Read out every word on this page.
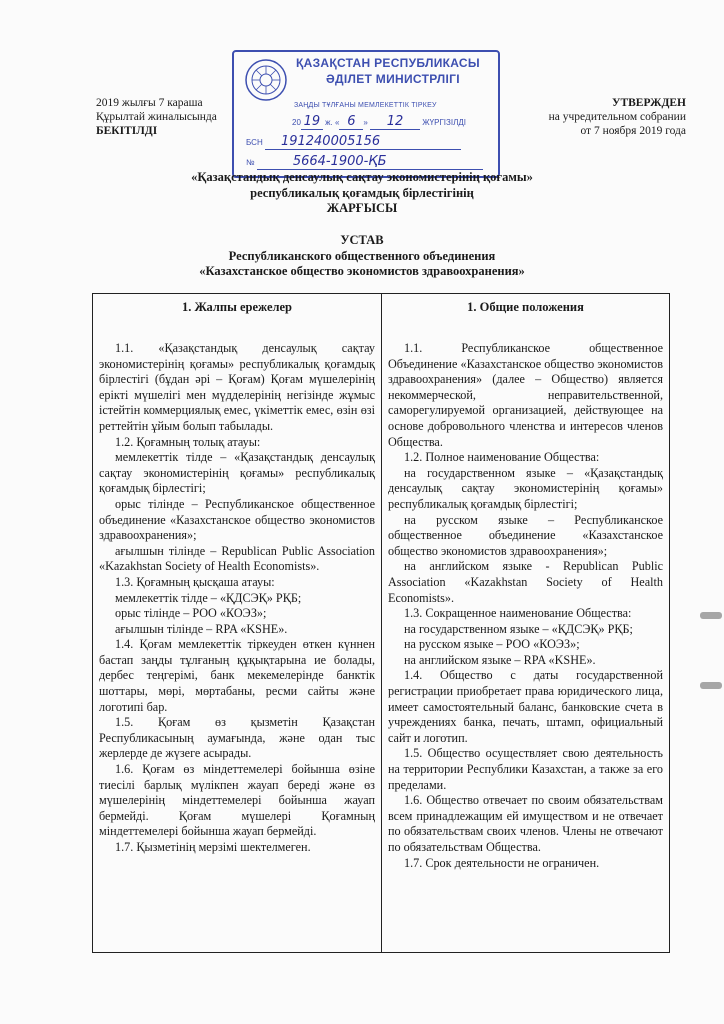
ҚАЗАҚСТАН РЕСПУБЛИКАСЫ
ӘДІЛЕТ МИНИСТРЛІГІ
ЗАҢДЫ ТҰЛҒАНЫ МЕМЛЕКЕТТІК ТІРКЕУ
20 19 ж. « 6 » 12 ЖҮРГІЗІЛДІ
БСН 191240005156
№	5664-1900-ҚБ
2019 жылғы 7 караша
Құрылтай жиналысында
БЕКІТІЛДІ
УТВЕРЖДЕН
на учредительном собрании
от 7 ноября 2019 года
«Қазақстандық денсаулық сақтау экономистерінің қоғамы»
республикалық қоғамдық бірлестігінің
ЖАРҒЫСЫ
УСТАВ
Республиканского общественного объединения
«Казахстанское общество экономистов здравоохранения»
1. Жалпы ережелер

1.1. «Қазақстандық денсаулық сақтау экономистерінің қоғамы» республикалық қоғамдық бірлестігі (бұдан әрі – Қоғам) Қоғам мүшелерінің ерікті мүшелігі мен мүдделерінің негізінде жұмыс істейтін коммерциялық емес, үкіметтік емес, өзін өзі реттейтін ұйым болып табылады.

1.2. Қоғамның толық атауы:

мемлекеттік тілде – «Қазақстандық денсаулық сақтау экономистерінің қоғамы» республикалық қоғамдық бірлестігі;

орыс тілінде – Республиканское общественное объединение «Казахстанское общество экономистов здравоохранения»;

ағылшын тілінде – Republican Public Association «Kazakhstan Society of Health Economists».

1.3. Қоғамның қысқаша атауы:

мемлекеттік тілде – «ҚДСЭҚ» РҚБ;

орыс тілінде – РОО «КОЭЗ»;

ағылшын тілінде – RPA «KSHE».

1.4. Қоғам мемлекеттік тіркеуден өткен күннен бастап заңды тұлғаның құқықтарына ие болады, дербес теңгерімі, банк мекемелерінде банктік шоттары, мөрі, мөртабаны, ресми сайты және логотипі бар.

1.5. Қоғам өз қызметін Қазақстан Республикасының аумағында, және одан тыс жерлерде де жүзеге асырады.

1.6. Қоғам өз міндеттемелері бойынша өзіне тиесілі барлық мүлікпен жауап береді және өз мүшелерінің міндеттемелері бойынша жауап бермейді. Қоғам мүшелері Қоғамның міндеттемелері бойынша жауап бермейді.

1.7. Қызметінің мерзімі шектелмеген.

1. Общие положения

1.1. Республиканское общественное Объединение «Казахстанское общество экономистов здравоохранения» (далее – Общество) является некоммерческой, неправительственной, саморегулируемой организацией, действующее на основе добровольного членства и интересов членов Общества.

1.2. Полное наименование Общества:

на государственном языке – «Қазақстандық денсаулық сақтау экономистерінің қоғамы» республикалық қоғамдық бірлестігі;

на русском языке – Республиканское общественное объединение «Казахстанское общество экономистов здравоохранения»;

на английском языке - Republican Public Association «Kazakhstan Society of Health Economists».

1.3. Сокращенное наименование Общества:

на государственном языке – «ҚДСЭҚ» РҚБ;

на русском языке – РОО «КОЭЗ»;

на английском языке – RPA «KSHE».

1.4. Общество с даты государственной регистрации приобретает права юридического лица, имеет самостоятельный баланс, банковские счета в учреждениях банка, печать, штамп, официальный сайт и логотип.

1.5. Общество осуществляет свою деятельность на территории Республики Казахстан, а также за его пределами.

1.6. Общество отвечает по своим обязательствам всем принадлежащим ей имуществом и не отвечает по обязательствам своих членов. Члены не отвечают по обязательствам Общества.

1.7. Срок деятельности не ограничен.
